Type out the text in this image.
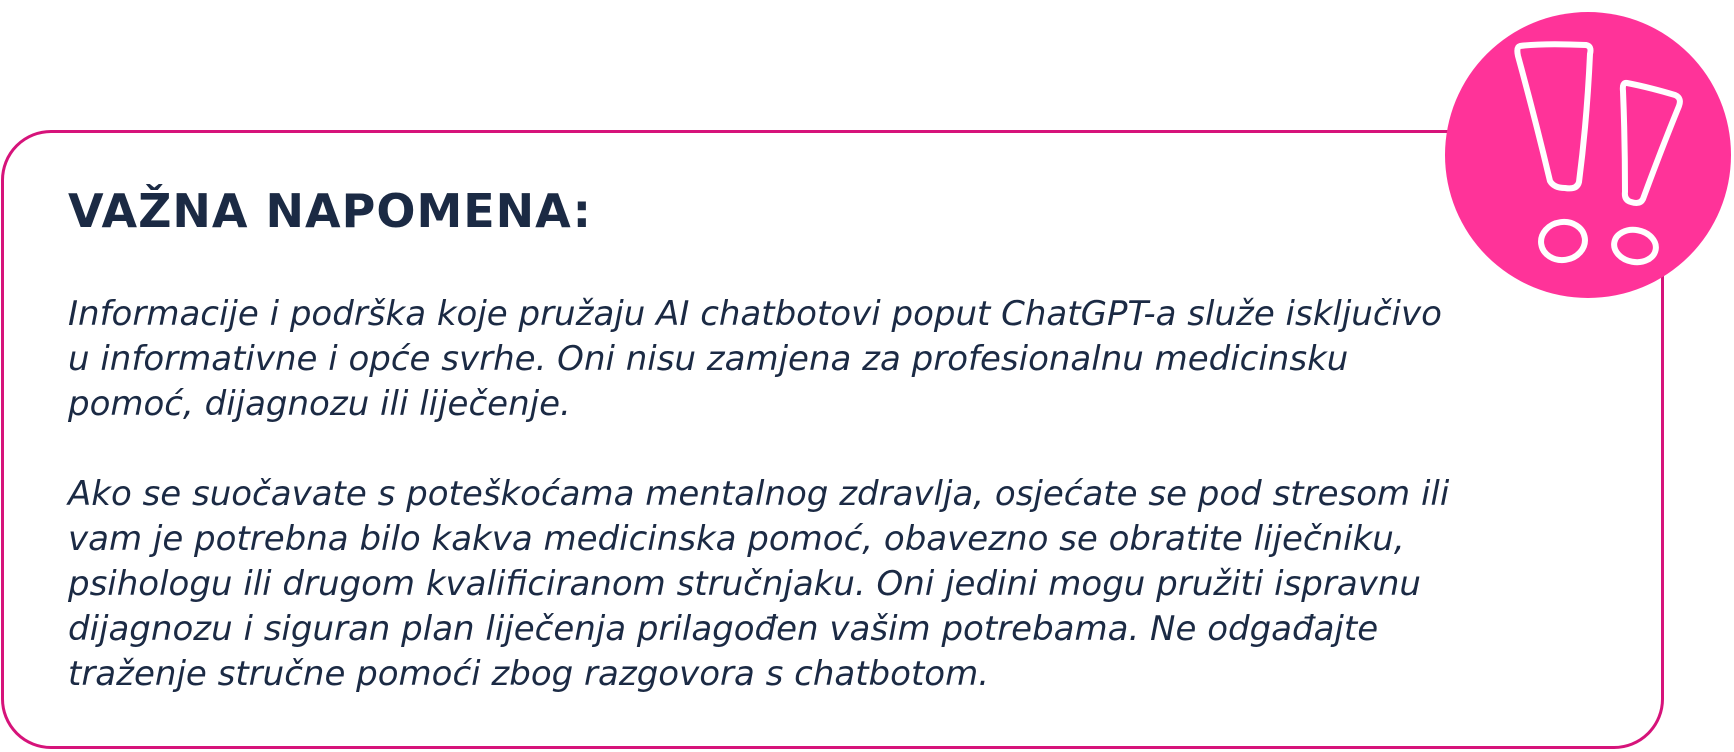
VAŽNA NAPOMENA:

Informacije i podrška koje pružaju AI chatbotovi poput ChatGPT-a služe isključivo
u informativne i opće svrhe. Oni nisu zamjena za profesionalnu medicinsku
pomoć, dijagnozu ili liječenje.

Ako se suočavate s poteškoćama mentalnog zdravlja, osjećate se pod stresom ili
vam je potrebna bilo kakva medicinska pomoć, obavezno se obratite liječniku,
psihologu ili drugom kvalificiranom stručnjaku. Oni jedini mogu pružiti ispravnu
dijagnozu i siguran plan liječenja prilagođen vašim potrebama. Ne odgađajte
traženje stručne pomoći zbog razgovora s chatbotom.
